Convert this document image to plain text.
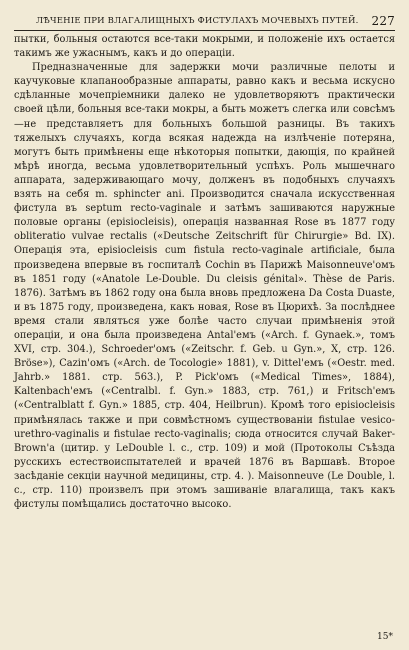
ЛѢЧЕНІЕ ПРИ ВЛАГАЛИЩНЫХЪ ФИСТУЛАХЪ МОЧЕВЫХЪ ПУТЕЙ. 227

пытки, больныя остаются все-таки мокрыми, и положеніе ихъ остается такимъ же ужаснымъ, какъ и до операціи.

Предназначенные для задержки мочи различные пелоты и каучуковые клапанообразные аппараты, равно какъ и весьма искусно сдѣланные мочепріемники далеко не удовлетворяютъ практически своей цѣли, больныя все-таки мокры, а быть можетъ слегка или совсѣмъ—не представляетъ для больныхъ большой разницы. Въ такихъ тяжелыхъ случаяхъ, когда всякая надежда на излѣченіе потеряна, могутъ быть примѣнены еще нѣкоторыя попытки, дающія, по крайней мѣрѣ иногда, весьма удовлетворительный успѣхъ. Роль мышечнаго аппарата, задерживающаго мочу, долженъ въ подобныхъ случаяхъ взять на себя m. sphincter ani. Производится сначала искусственная фистула въ septum recto-vaginale и затѣмъ зашиваются наружные половые органы (episiocleisis), операція названная Rose въ 1877 году obliteratio vulvae rectalis («Deutsche Zeitschrift für Chirurgie» Bd. IX). Операція эта, episiocleisis cum fistula recto-vaginale artificiale, была произведена впервые въ госпиталѣ Cochin въ Парижѣ Maisonneuve'омъ въ 1851 году («Anatole Le-Double. Du cleisis génital». Thèse de Paris. 1876). Затѣмъ въ 1862 году она была вновь предложена Da Costa Duaste, и въ 1875 году, произведена, какъ новая, Rose въ Цюрихѣ. За послѣднее время стали являться уже болѣе часто случаи примѣненія этой операціи, и она была произведена Antal'емъ («Arch. f. Gynaek.», томъ XVI, стр. 304.), Schroeder'омъ («Zeitschr. f. Geb. u Gyn.», X, стр. 126. Bröse»), Cazin'омъ («Arch. de Tocologie» 1881), v. Dittel'емъ («Oestr. med. Jahrb.» 1881. стр. 563.), P. Pick'омъ («Medical Times», 1884), Kaltenbach'емъ («Centralbl. f. Gyn.» 1883, стр. 761,) и Fritsch'емъ («Centralblatt f. Gyn.» 1885, стр. 404, Heilbrun). Кромѣ того episiocleisis примѣнялась также и при совмѣстномъ существованіи fistulae vesico-urethro-vaginalis и fistulae recto-vaginalis; сюда относится случай Baker-Brown'а (цитир. у LeDouble l. c., стр. 109) и мой (Протоколы Съѣзда русскихъ естествоиспытателей и врачей 1876 въ Варшавѣ. Второе засѣданіе секціи научной медицины, стр. 4. ). Maisonneuve (Le Double, l. c., стр. 110) произвелъ при этомъ зашиваніе влагалища, такъ какъ фистулы помѣщались достаточно высоко.

15*
